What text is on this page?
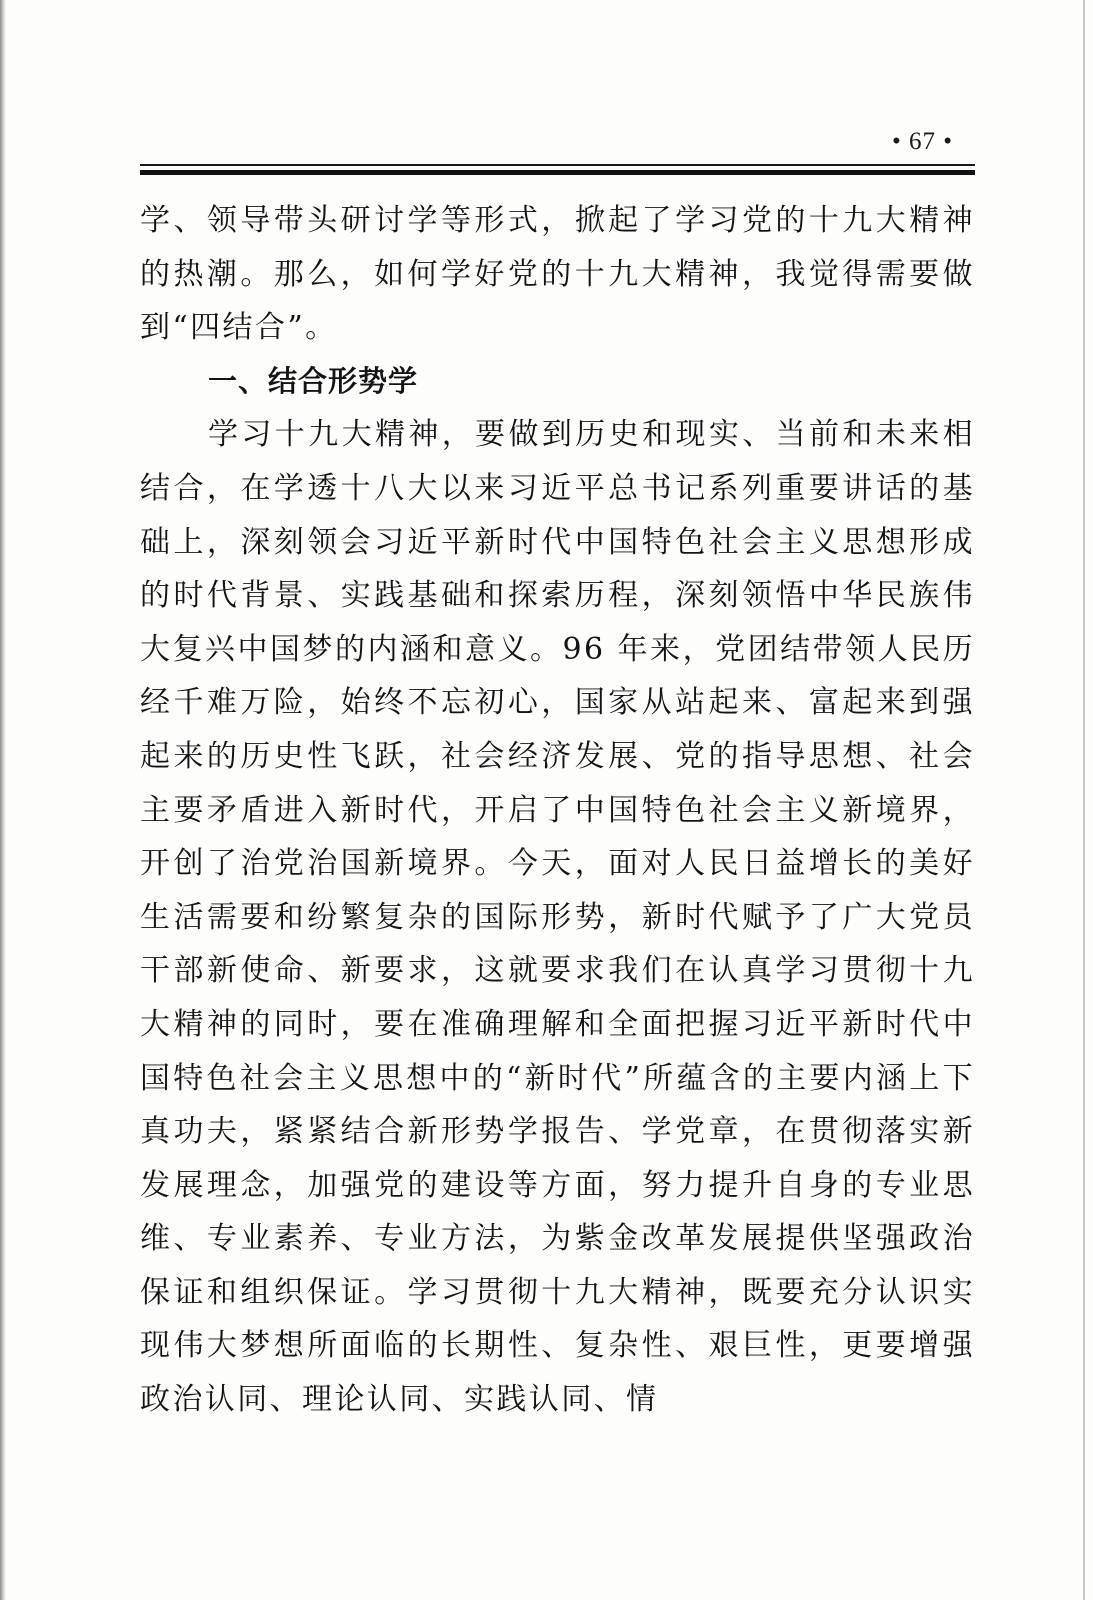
• 67 •

学、领导带头研讨学等形式，掀起了学习党的十九大精神的热潮。那么，如何学好党的十九大精神，我觉得需要做到“四结合”。

一、结合形势学

学习十九大精神，要做到历史和现实、当前和未来相结合，在学透十八大以来习近平总书记系列重要讲话的基础上，深刻领会习近平新时代中国特色社会主义思想形成的时代背景、实践基础和探索历程，深刻领悟中华民族伟大复兴中国梦的内涵和意义。96 年来，党团结带领人民历经千难万险，始终不忘初心，国家从站起来、富起来到强起来的历史性飞跃，社会经济发展、党的指导思想、社会主要矛盾进入新时代，开启了中国特色社会主义新境界，开创了治党治国新境界。今天，面对人民日益增长的美好生活需要和纷繁复杂的国际形势，新时代赋予了广大党员干部新使命、新要求，这就要求我们在认真学习贯彻十九大精神的同时，要在准确理解和全面把握习近平新时代中国特色社会主义思想中的“新时代”所蕴含的主要内涵上下真功夫，紧紧结合新形势学报告、学党章，在贯彻落实新发展理念，加强党的建设等方面，努力提升自身的专业思维、专业素养、专业方法，为紫金改革发展提供坚强政治保证和组织保证。学习贯彻十九大精神，既要充分认识实现伟大梦想所面临的长期性、复杂性、艰巨性，更要增强政治认同、理论认同、实践认同、情
